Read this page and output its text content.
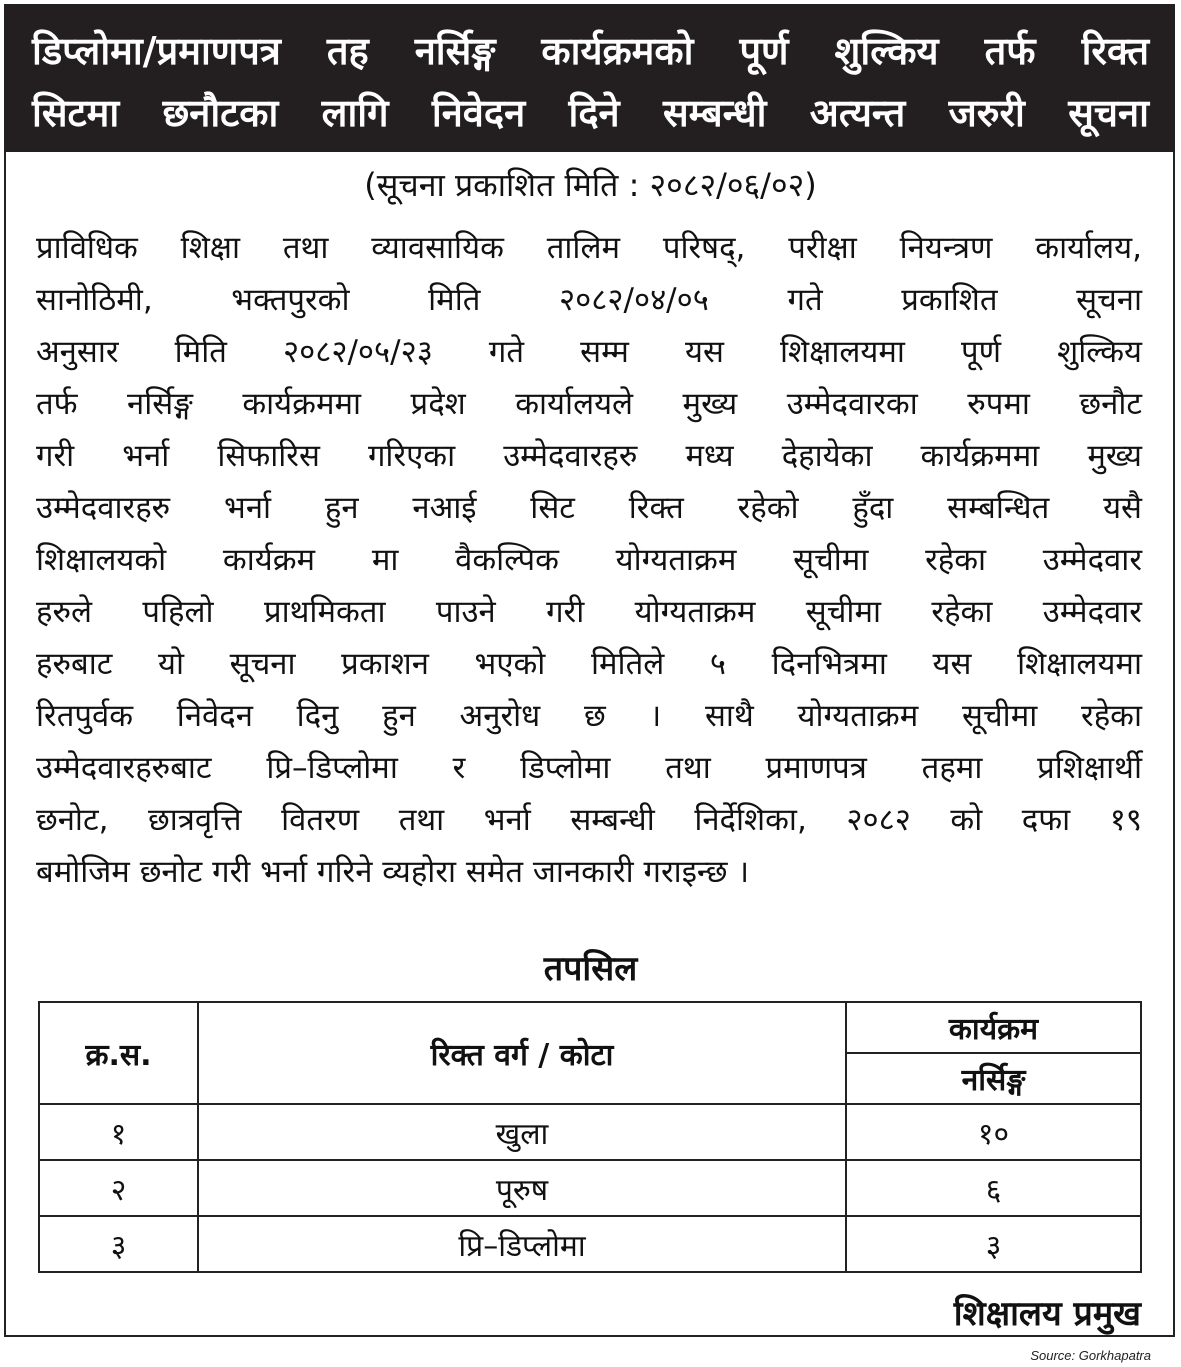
डिप्लोमा/प्रमाणपत्र तह नर्सिङ्ग कार्यक्रमको पूर्ण शुल्किय तर्फ रिक्त
सिटमा छनौटका लागि निवेदन दिने सम्बन्धी अत्यन्त जरुरी सूचना
(सूचना प्रकाशित मिति : २०८२/०६/०२)
प्राविधिक शिक्षा तथा व्यावसायिक तालिम परिषद्, परीक्षा नियन्त्रण कार्यालय,
सानोठिमी, भक्तपुरको मिति २०८२/०४/०५ गते प्रकाशित सूचना
अनुसार मिति २०८२/०५/२३ गते सम्म यस शिक्षालयमा पूर्ण शुल्किय
तर्फ नर्सिङ्ग कार्यक्रममा प्रदेश कार्यालयले मुख्य उम्मेदवारका रुपमा छनौट
गरी भर्ना सिफारिस गरिएका उम्मेदवारहरु मध्य देहायेका कार्यक्रममा मुख्य
उम्मेदवारहरु भर्ना हुन नआई सिट रिक्त रहेको हुँदा सम्बन्धित यसै
शिक्षालयको कार्यक्रम मा वैकल्पिक योग्यताक्रम सूचीमा रहेका उम्मेदवार
हरुले पहिलो प्राथमिकता पाउने गरी योग्यताक्रम सूचीमा रहेका उम्मेदवार
हरुबाट यो सूचना प्रकाशन भएको मितिले ५ दिनभित्रमा यस शिक्षालयमा
रितपुर्वक निवेदन दिनु हुन अनुरोध छ । साथै योग्यताक्रम सूचीमा रहेका
उम्मेदवारहरुबाट प्रि–डिप्लोमा र डिप्लोमा तथा प्रमाणपत्र तहमा प्रशिक्षार्थी
छनोट, छात्रवृत्ति वितरण तथा भर्ना सम्बन्धी निर्देशिका, २०८२ को दफा १९
बमोजिम छनोट गरी भर्ना गरिने व्यहोरा समेत जानकारी गराइन्छ ।
तपसिल
क्र.स.	रिक्त वर्ग / कोटा	कार्यक्रम
		नर्सिङ्ग
१	खुला	१०
२	पूरुष	६
३	प्रि–डिप्लोमा	३
शिक्षालय प्रमुख
Source: Gorkhapatra
